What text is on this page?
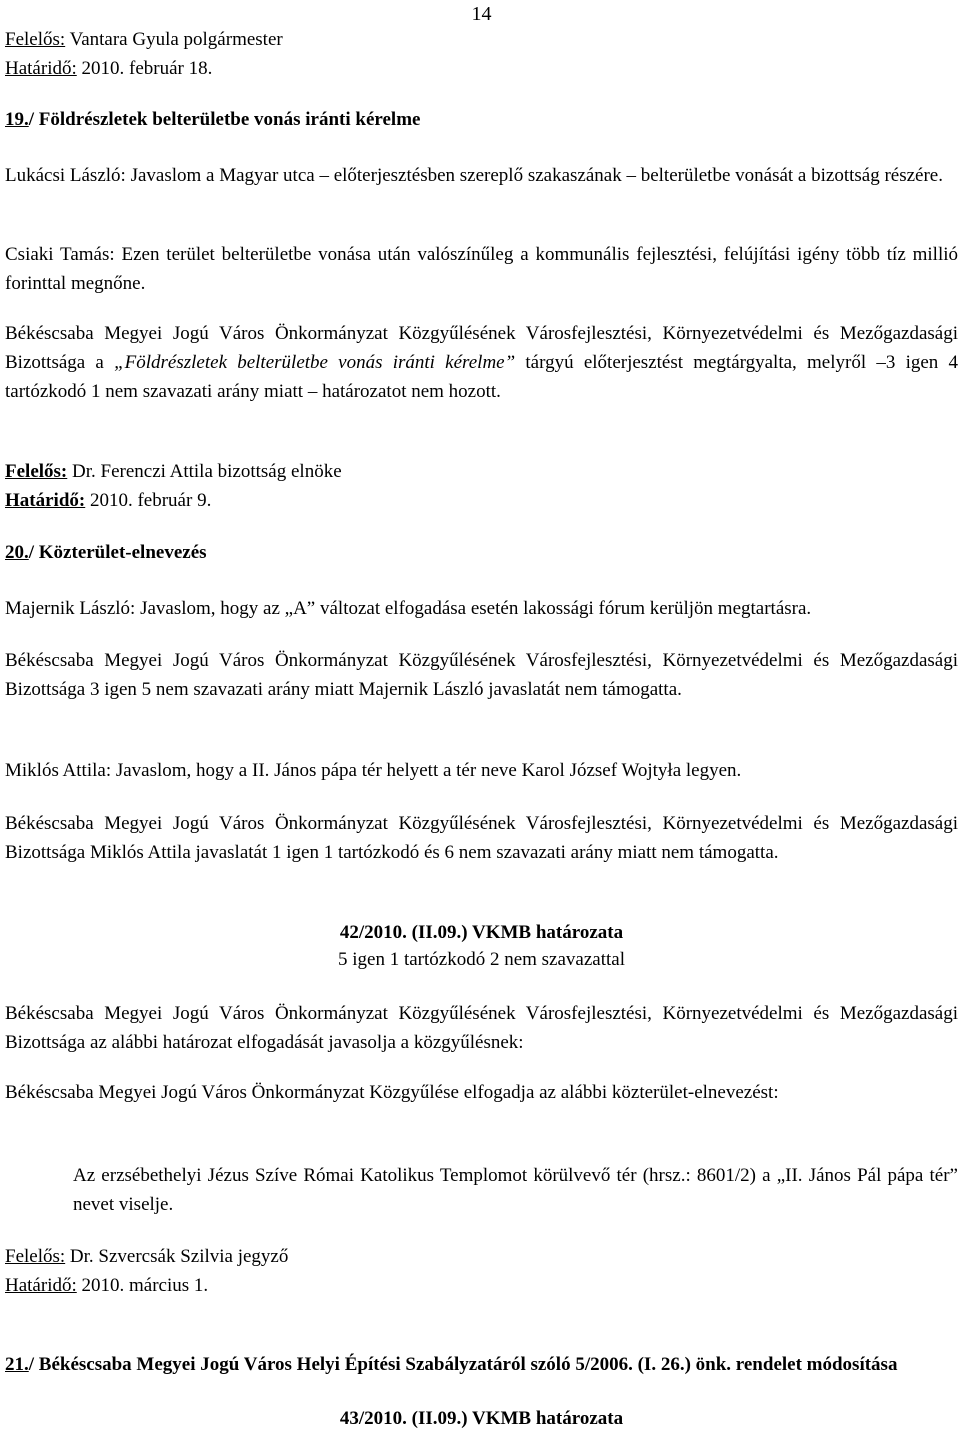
14
Felelős: Vantara Gyula polgármester
Határidő: 2010. február 18.
19./ Földrészletek belterületbe vonás iránti kérelme

Lukácsi László: Javaslom a Magyar utca – előterjesztésben szereplő szakaszának – belterületbe vonását a bizottság részére.

Csiaki Tamás: Ezen terület belterületbe vonása után valószínűleg a kommunális fejlesztési, felújítási igény több tíz millió forinttal megnőne.

Békéscsaba Megyei Jogú Város Önkormányzat Közgyűlésének Városfejlesztési, Környezetvédelmi és Mezőgazdasági Bizottsága a „Földrészletek belterületbe vonás iránti kérelme” tárgyú előterjesztést megtárgyalta, melyről –3 igen 4 tartózkodó 1 nem szavazati arány miatt – határozatot nem hozott.

Felelős: Dr. Ferenczi Attila bizottság elnöke
Határidő: 2010. február 9.
20./ Közterület-elnevezés

Majernik László: Javaslom, hogy az „A” változat elfogadása esetén lakossági fórum kerüljön megtartásra.

Békéscsaba Megyei Jogú Város Önkormányzat Közgyűlésének Városfejlesztési, Környezetvédelmi és Mezőgazdasági Bizottsága 3 igen 5 nem szavazati arány miatt Majernik László javaslatát nem támogatta.

Miklós Attila: Javaslom, hogy a II. János pápa tér helyett a tér neve Karol József Wojtyła legyen.

Békéscsaba Megyei Jogú Város Önkormányzat Közgyűlésének Városfejlesztési, Környezetvédelmi és Mezőgazdasági Bizottsága Miklós Attila javaslatát 1 igen 1 tartózkodó és 6 nem szavazati arány miatt nem támogatta.

42/2010. (II.09.) VKMB határozata
5 igen 1 tartózkodó 2 nem szavazattal

Békéscsaba Megyei Jogú Város Önkormányzat Közgyűlésének Városfejlesztési, Környezetvédelmi és Mezőgazdasági Bizottsága az alábbi határozat elfogadását javasolja a közgyűlésnek:

Békéscsaba Megyei Jogú Város Önkormányzat Közgyűlése elfogadja az alábbi közterület-elnevezést:

Az erzsébethelyi Jézus Szíve Római Katolikus Templomot körülvevő tér (hrsz.: 8601/2) a „II. János Pál pápa tér” nevet viselje.

Felelős: Dr. Szvercsák Szilvia jegyző
Határidő: 2010. március 1.
21./ Békéscsaba Megyei Jogú Város Helyi Építési Szabályzatáról szóló 5/2006. (I. 26.) önk. rendelet módosítása
43/2010. (II.09.) VKMB határozata
